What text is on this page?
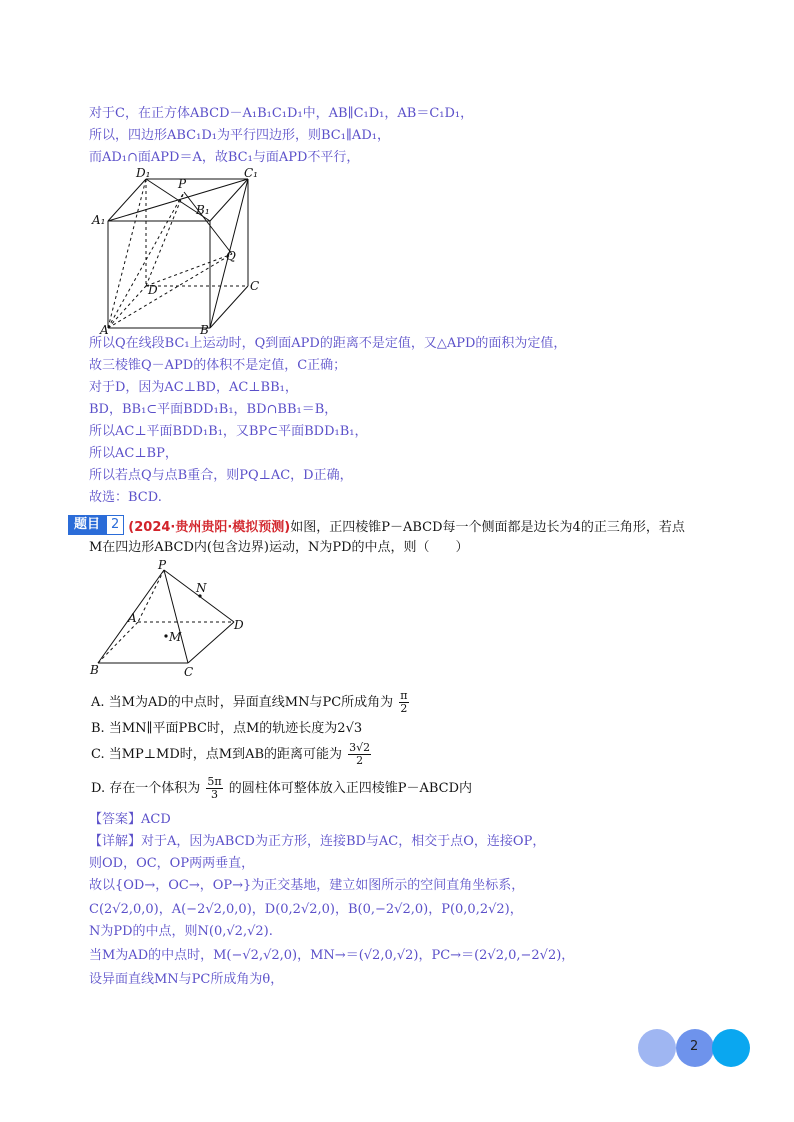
对于C，在正方体ABCD－A₁B₁C₁D₁中，AB∥C₁D₁，AB＝C₁D₁，
所以，四边形ABC₁D₁为平行四边形，则BC₁∥AD₁，
而AD₁∩面APD＝A，故BC₁与面APD不平行，
D₁
P
C₁
A₁
B₁
Q
D	C
A	B
所以Q在线段BC₁上运动时，Q到面APD的距离不是定值，又△APD的面积为定值，
故三棱锥Q－APD的体积不是定值，C正确；
对于D，因为AC⊥BD，AC⊥BB₁，
BD，BB₁⊂平面BDD₁B₁，BD∩BB₁＝B，
所以AC⊥平面BDD₁B₁，又BP⊂平面BDD₁B₁，
所以AC⊥BP，
所以若点Q与点B重合，则PQ⊥AC，D正确，
故选：BCD.
题目 2 (2024·贵州贵阳·模拟预测) 如图，正四棱锥P－ABCD每一个侧面都是边长为4的正三角形，若点
M在四边形ABCD内(包含边界)运动，N为PD的中点，则（　　）
P
N
A
M
D
B	C
A. 当M为AD的中点时，异面直线MN与PC所成角为 $\frac{\pi}{2}$
B. 当MN∥平面PBC时，点M的轨迹长度为2√3
C. 当MP⊥MD时，点M到AB的距离可能为 $\frac{3√2}{2}$
D. 存在一个体积为 $\frac{5\pi}{3}$ 的圆柱体可整体放入正四棱锥P－ABCD内
【答案】ACD
【详解】对于A，因为ABCD为正方形，连接BD与AC，相交于点O，连接OP，
则OD，OC，OP两两垂直，
故以{OD→，OC→，OP→}为正交基地，建立如图所示的空间直角坐标系，
C(2√2,0,0)，A(−2√2,0,0)，D(0,2√2,0)，B(0,−2√2,0)，P(0,0,2√2)，
N为PD的中点，则N(0,√2,√2).
当M为AD的中点时，M(−√2,√2,0)，MN→＝(√2,0,√2)，PC→＝(2√2,0,−2√2)，
设异面直线MN与PC所成角为θ，
2
